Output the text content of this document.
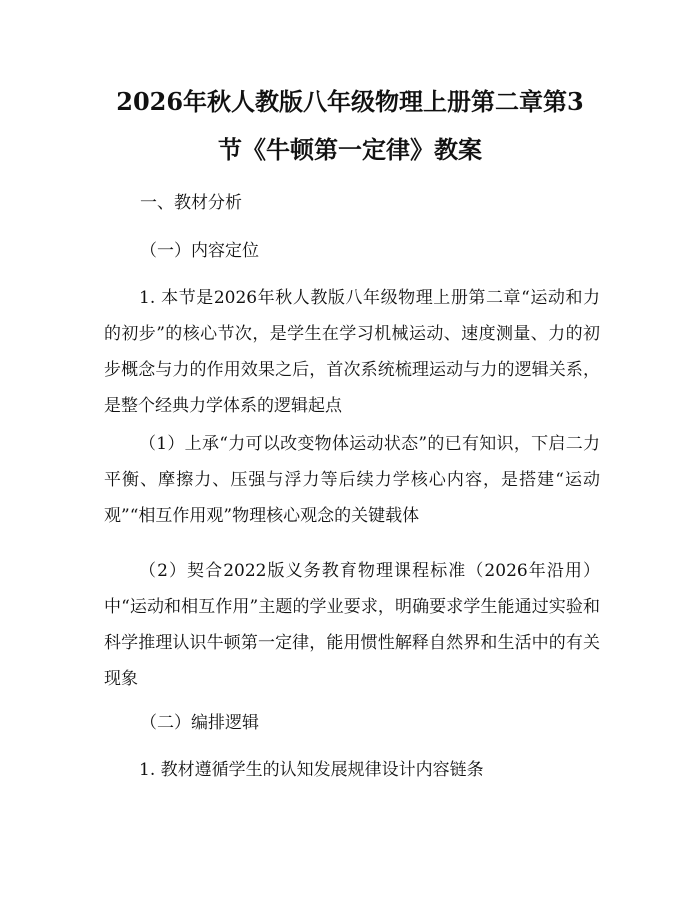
2026年秋人教版八年级物理上册第二章第3
节《牛顿第一定律》教案

一、教材分析

（一）内容定位

1. 本节是2026年秋人教版八年级物理上册第二章“运动和力的初步”的核心节次，是学生在学习机械运动、速度测量、力的初步概念与力的作用效果之后，首次系统梳理运动与力的逻辑关系，是整个经典力学体系的逻辑起点

（1）上承“力可以改变物体运动状态”的已有知识，下启二力平衡、摩擦力、压强与浮力等后续力学核心内容，是搭建“运动观”“相互作用观”物理核心观念的关键载体

（2）契合2022版义务教育物理课程标准（2026年沿用）中“运动和相互作用”主题的学业要求，明确要求学生能通过实验和科学推理认识牛顿第一定律，能用惯性解释自然界和生活中的有关现象

（二）编排逻辑

1. 教材遵循学生的认知发展规律设计内容链条
